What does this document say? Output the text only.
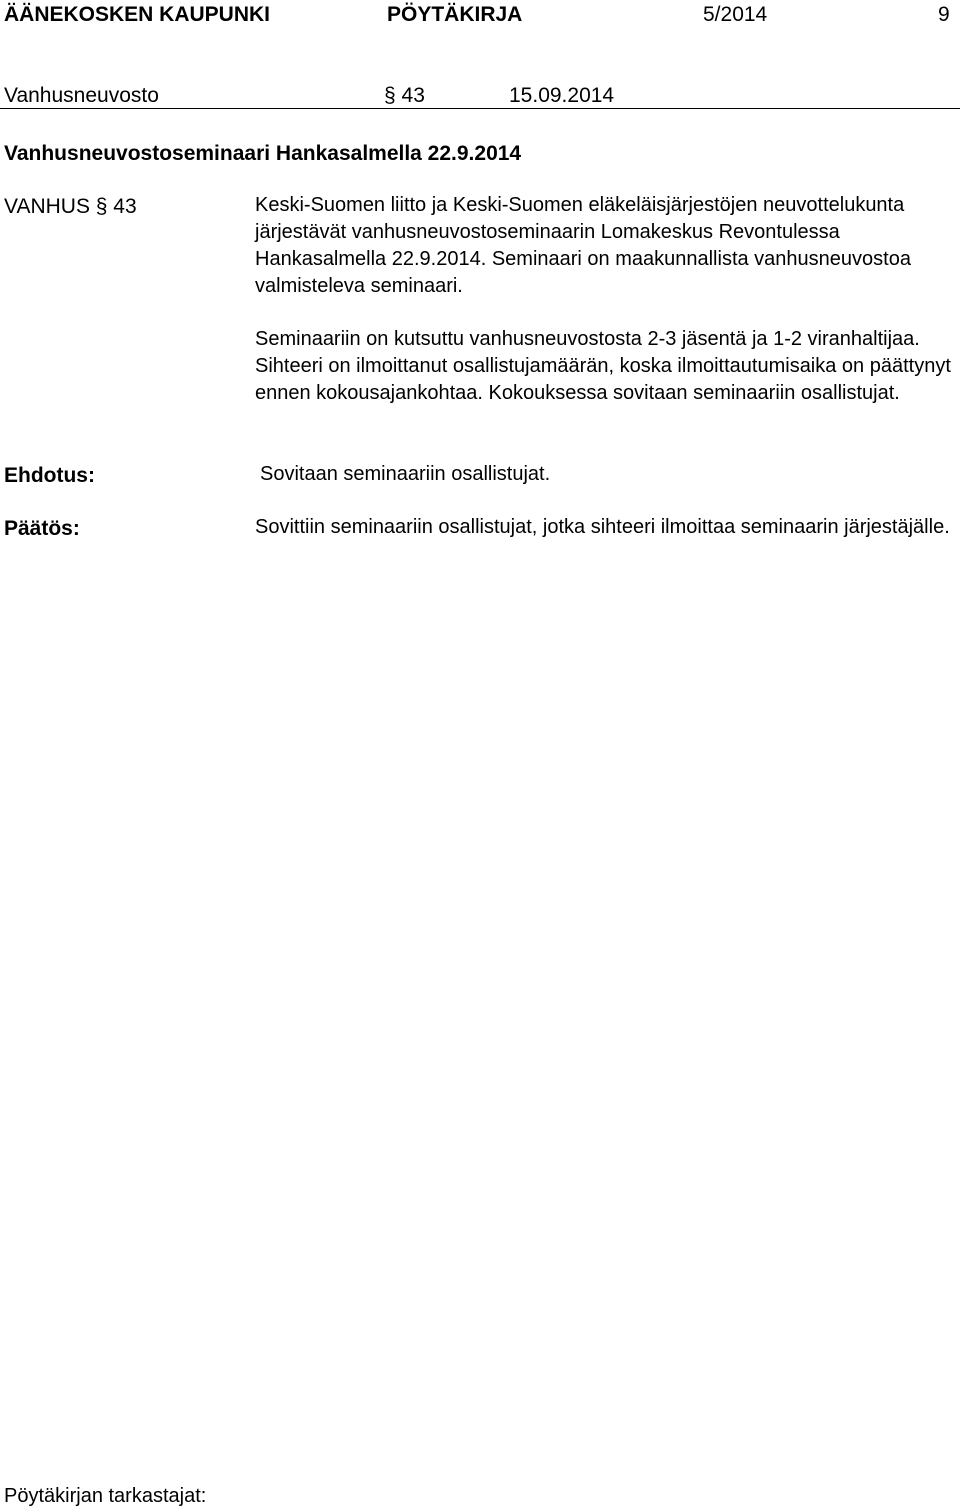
ÄÄNEKOSKEN KAUPUNKI	PÖYTÄKIRJA	5/2014	9
Vanhusneuvosto	§ 43	15.09.2014
Vanhusneuvostoseminaari Hankasalmella 22.9.2014
VANHUS § 43	Keski-Suomen liitto ja Keski-Suomen eläkeläisjärjestöjen neuvottelukunta järjestävät vanhusneuvostoseminaarin Lomakeskus Revontulessa Hankasalmella 22.9.2014. Seminaari on maakunnallista vanhusneuvostoa valmisteleva seminaari.
Seminaariin on kutsuttu vanhusneuvostosta 2-3 jäsentä ja 1-2 viranhaltijaa. Sihteeri on ilmoittanut osallistujamäärän, koska ilmoittautumisaika on päättynyt ennen kokousajankohtaa. Kokouksessa sovitaan seminaariin osallistujat.
Ehdotus:	Sovitaan seminaariin osallistujat.
Päätös:	Sovittiin seminaariin osallistujat, jotka sihteeri ilmoittaa seminaarin järjestäjälle.
Pöytäkirjan tarkastajat:
